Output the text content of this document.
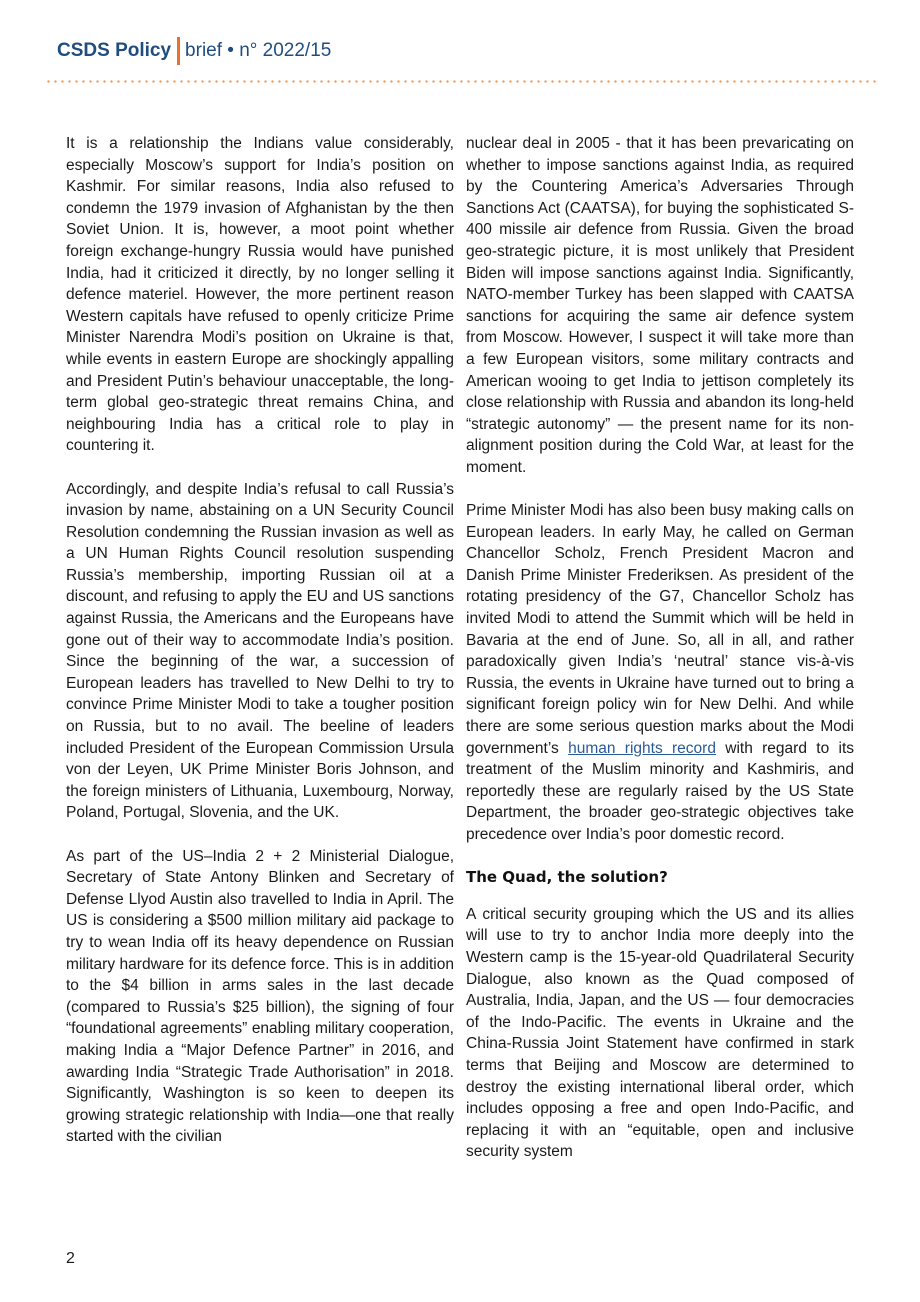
CSDS Policy brief • n° 2022/15

It is a relationship the Indians value considerably, especially Moscow’s support for India’s position on Kashmir. For similar reasons, India also refused to condemn the 1979 invasion of Afghanistan by the then Soviet Union. It is, however, a moot point whether foreign exchange-hungry Russia would have punished India, had it criticized it directly, by no longer selling it defence materiel. However, the more pertinent reason Western capitals have refused to openly criticize Prime Minister Narendra Modi’s position on Ukraine is that, while events in eastern Europe are shockingly appalling and President Putin’s behaviour unacceptable, the long-term global geo-strategic threat remains China, and neighbouring India has a critical role to play in countering it.

Accordingly, and despite India’s refusal to call Russia’s invasion by name, abstaining on a UN Security Council Resolution condemning the Russian invasion as well as a UN Human Rights Council resolution suspending Russia’s membership, importing Russian oil at a discount, and refusing to apply the EU and US sanctions against Russia, the Americans and the Europeans have gone out of their way to accommodate India’s position. Since the beginning of the war, a succession of European leaders has travelled to New Delhi to try to convince Prime Minister Modi to take a tougher position on Russia, but to no avail. The beeline of leaders included President of the European Commission Ursula von der Leyen, UK Prime Minister Boris Johnson, and the foreign ministers of Lithuania, Luxembourg, Norway, Poland, Portugal, Slovenia, and the UK.

As part of the US–India 2 + 2 Ministerial Dialogue, Secretary of State Antony Blinken and Secretary of Defense Llyod Austin also travelled to India in April. The US is considering a $500 million military aid package to try to wean India off its heavy dependence on Russian military hardware for its defence force. This is in addition to the $4 billion in arms sales in the last decade (compared to Russia’s $25 billion), the signing of four “foundational agreements” enabling military cooperation, making India a “Major Defence Partner” in 2016, and awarding India “Strategic Trade Authorisation” in 2018. Significantly, Washington is so keen to deepen its growing strategic relationship with India—one that really started with the civilian

nuclear deal in 2005 - that it has been prevaricating on whether to impose sanctions against India, as required by the Countering America’s Adversaries Through Sanctions Act (CAATSA), for buying the sophisticated S-400 missile air defence from Russia. Given the broad geo-strategic picture, it is most unlikely that President Biden will impose sanctions against India. Significantly, NATO-member Turkey has been slapped with CAATSA sanctions for acquiring the same air defence system from Moscow. However, I suspect it will take more than a few European visitors, some military contracts and American wooing to get India to jettison completely its close relationship with Russia and abandon its long-held “strategic autonomy” — the present name for its non-alignment position during the Cold War, at least for the moment.

Prime Minister Modi has also been busy making calls on European leaders. In early May, he called on German Chancellor Scholz, French President Macron and Danish Prime Minister Frederiksen. As president of the rotating presidency of the G7, Chancellor Scholz has invited Modi to attend the Summit which will be held in Bavaria at the end of June. So, all in all, and rather paradoxically given India’s ‘neutral’ stance vis-à-vis Russia, the events in Ukraine have turned out to bring a significant foreign policy win for New Delhi. And while there are some serious question marks about the Modi government’s human rights record with regard to its treatment of the Muslim minority and Kashmiris, and reportedly these are regularly raised by the US State Department, the broader geo-strategic objectives take precedence over India’s poor domestic record.

The Quad, the solution?

A critical security grouping which the US and its allies will use to try to anchor India more deeply into the Western camp is the 15-year-old Quadrilateral Security Dialogue, also known as the Quad composed of Australia, India, Japan, and the US — four democracies of the Indo-Pacific. The events in Ukraine and the China-Russia Joint Statement have confirmed in stark terms that Beijing and Moscow are determined to destroy the existing international liberal order, which includes opposing a free and open Indo-Pacific, and replacing it with an “equitable, open and inclusive security system

2
